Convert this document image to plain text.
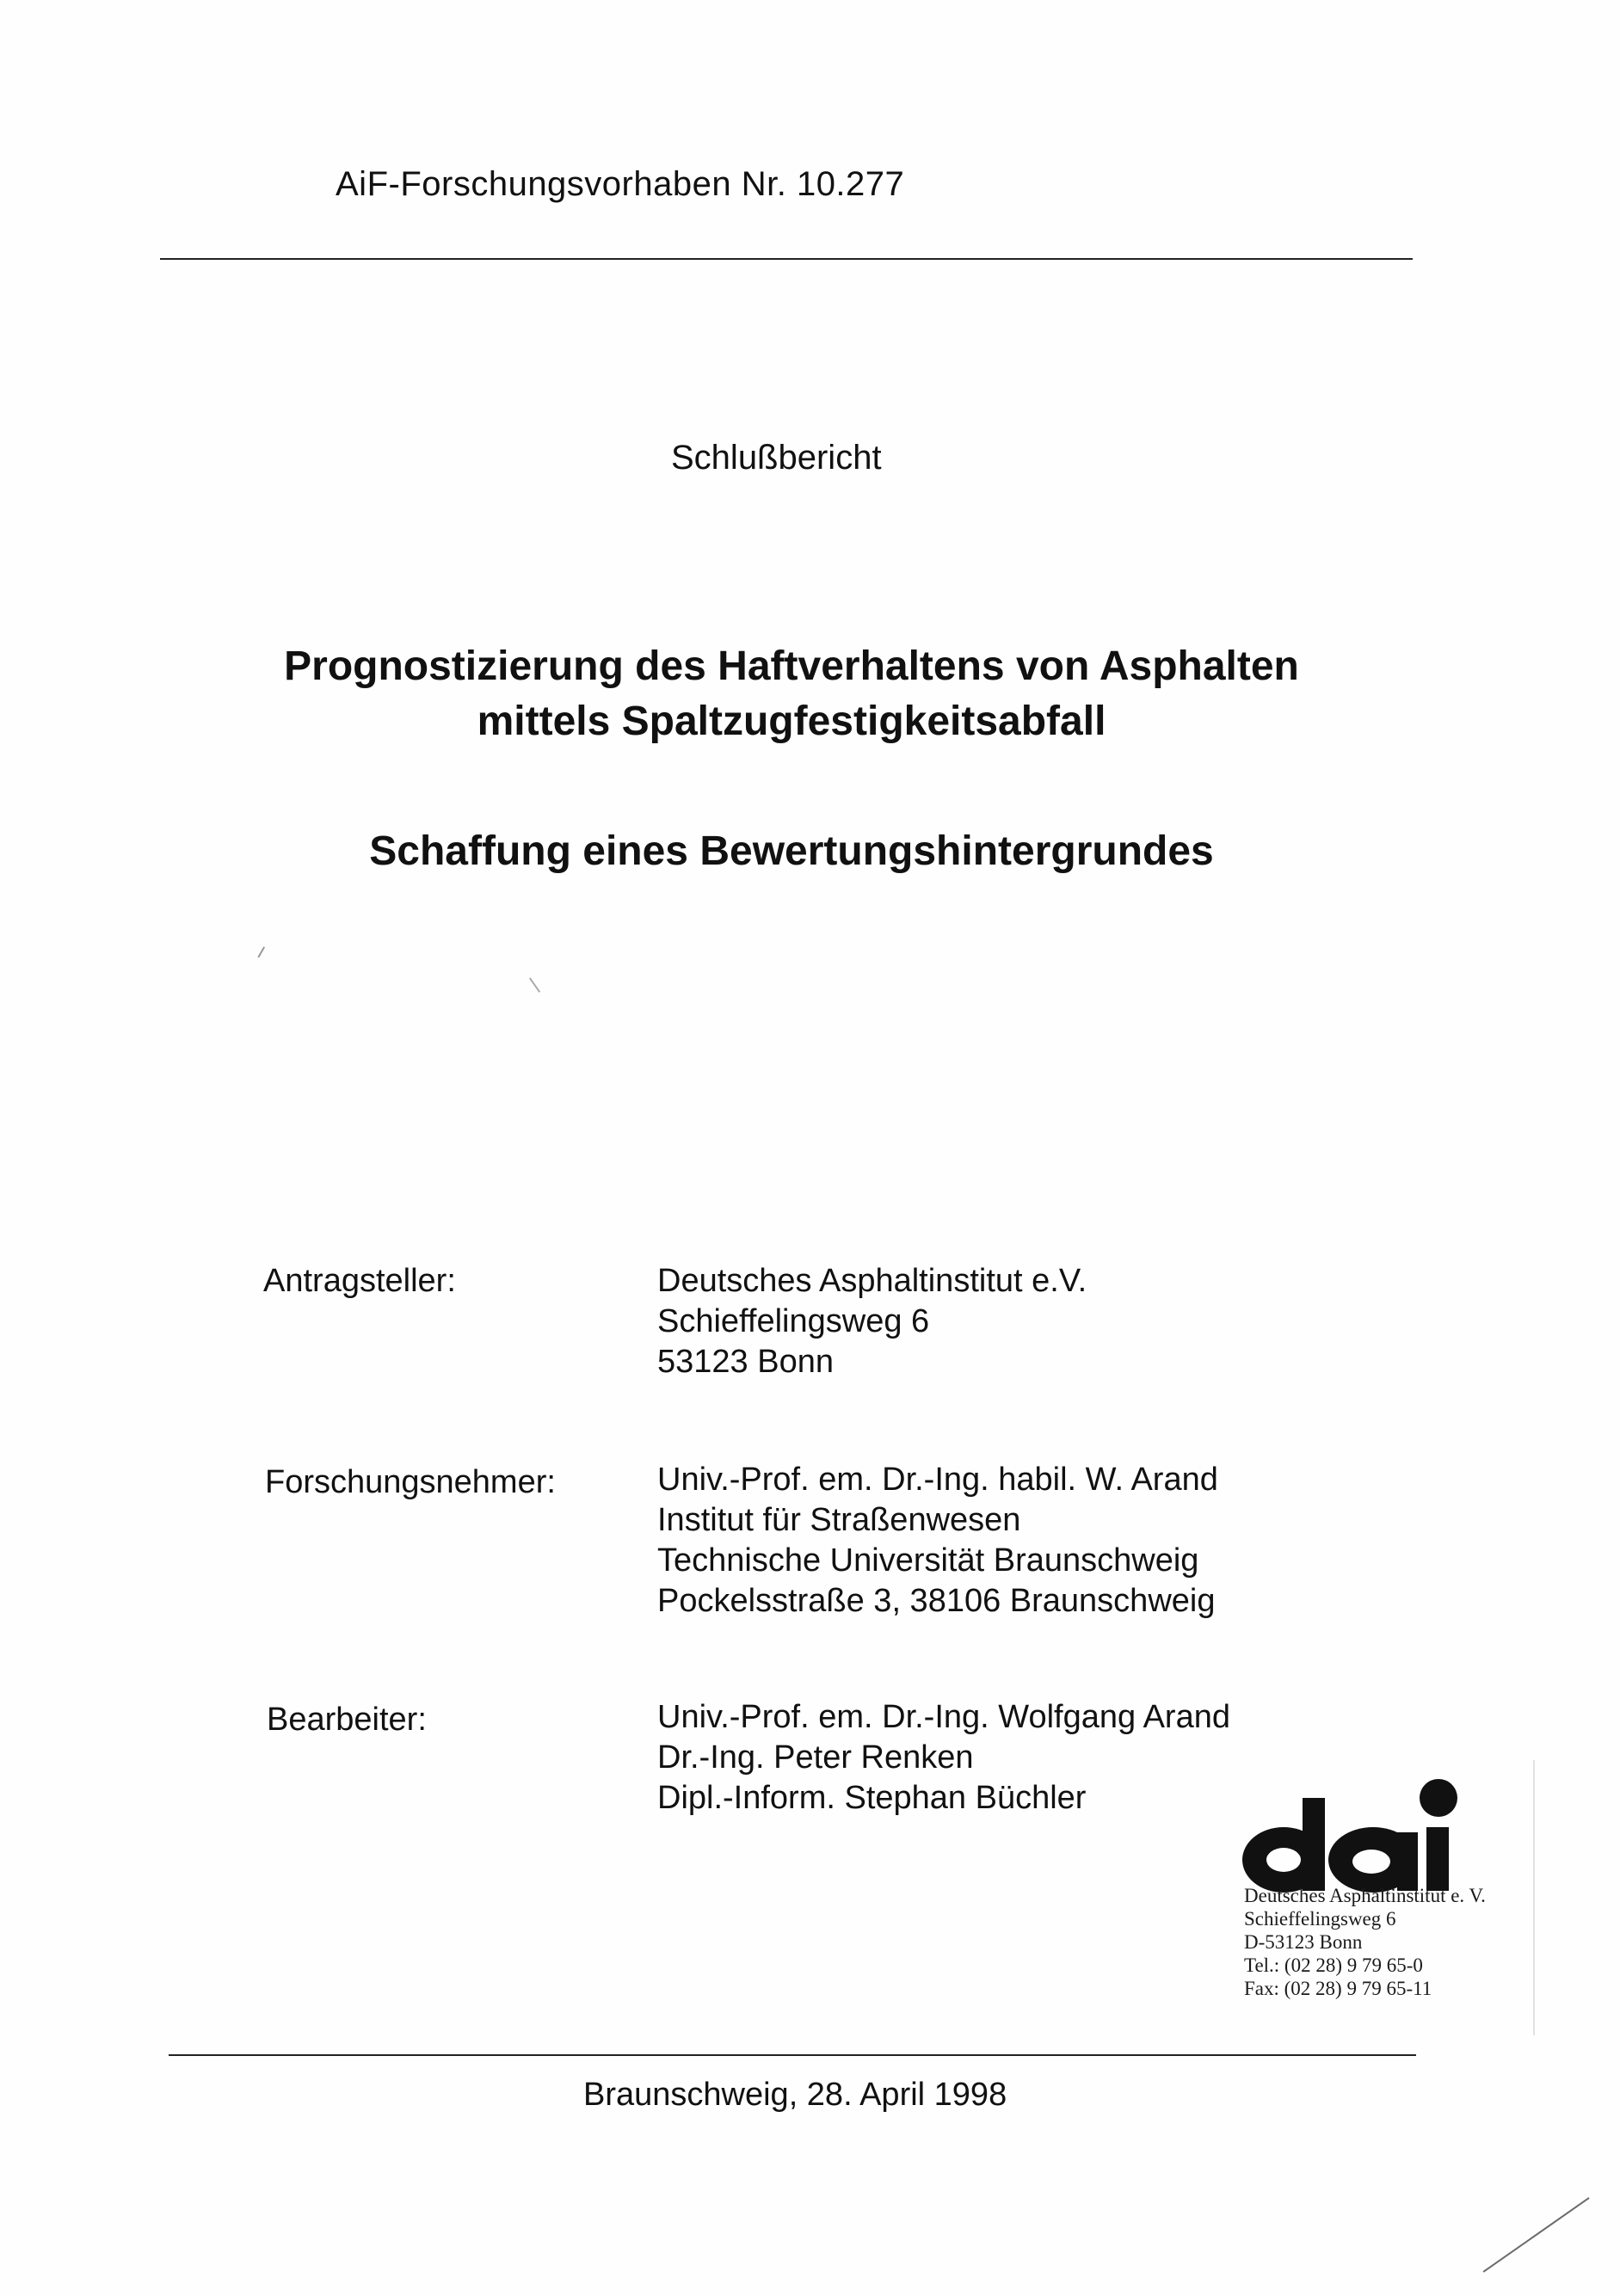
AiF-Forschungsvorhaben Nr. 10.277
Schlußbericht
Prognostizierung des Haftverhaltens von Asphalten
mittels Spaltzugfestigkeitsabfall
Schaffung eines Bewertungshintergrundes
Antragsteller:	Deutsches Asphaltinstitut e.V.
Schieffelingsweg 6
53123 Bonn
Forschungsnehmer:	Univ.-Prof. em. Dr.-Ing. habil. W. Arand
Institut für Straßenwesen
Technische Universität Braunschweig
Pockelsstraße 3, 38106 Braunschweig
Bearbeiter:	Univ.-Prof. em. Dr.-Ing. Wolfgang Arand
Dr.-Ing. Peter Renken
Dipl.-Inform. Stephan Büchler
Deutsches Asphaltinstitut e. V.
Schieffelingsweg 6
D-53123 Bonn
Tel.: (02 28) 9 79 65-0
Fax: (02 28) 9 79 65-11
Braunschweig, 28. April 1998
